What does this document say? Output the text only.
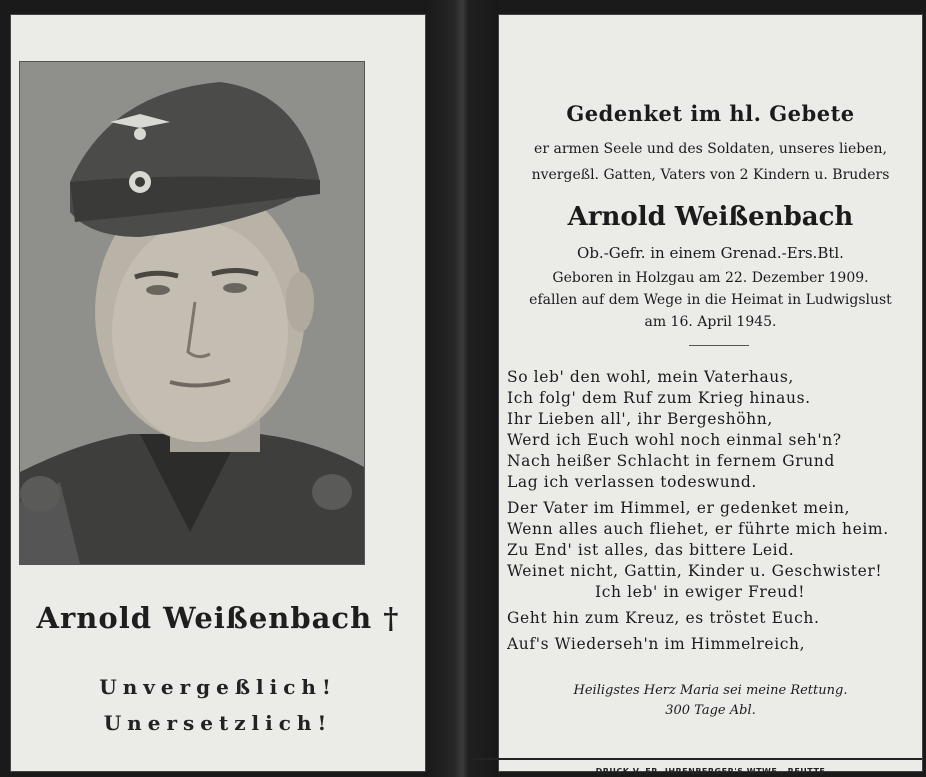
Arnold Weißenbach †
Unvergeßlich!
Unersetzlich!
Gedenket im hl. Gebete
er armen Seele und des Soldaten, unseres lieben,
nvergeßl. Gatten, Vaters von 2 Kindern u. Bruders
Arnold Weißenbach
Ob.-Gefr. in einem Grenad.-Ers.Btl.
Geboren in Holzgau am 22. Dezember 1909.
efallen auf dem Wege in die Heimat in Ludwigslust
am 16. April 1945.
So leb' den wohl, mein Vaterhaus,
Ich folg' dem Ruf zum Krieg hinaus.
Ihr Lieben all', ihr Bergeshöhn,
Werd ich Euch wohl noch einmal seh'n?
Nach heißer Schlacht in fernem Grund
Lag ich verlassen todeswund.
Der Vater im Himmel, er gedenket mein,
Wenn alles auch fliehet, er führte mich heim.
Zu End' ist alles, das bittere Leid.
Weinet nicht, Gattin, Kinder u. Geschwister!
Ich leb' in ewiger Freud!
Geht hin zum Kreuz, es tröstet Euch.
Auf's Wiederseh'n im Himmelreich,
Heiligstes Herz Maria sei meine Rettung.
300 Tage Abl.
DRUCK V. FR. IHRENBERGER'S WTWE., REUTTE
